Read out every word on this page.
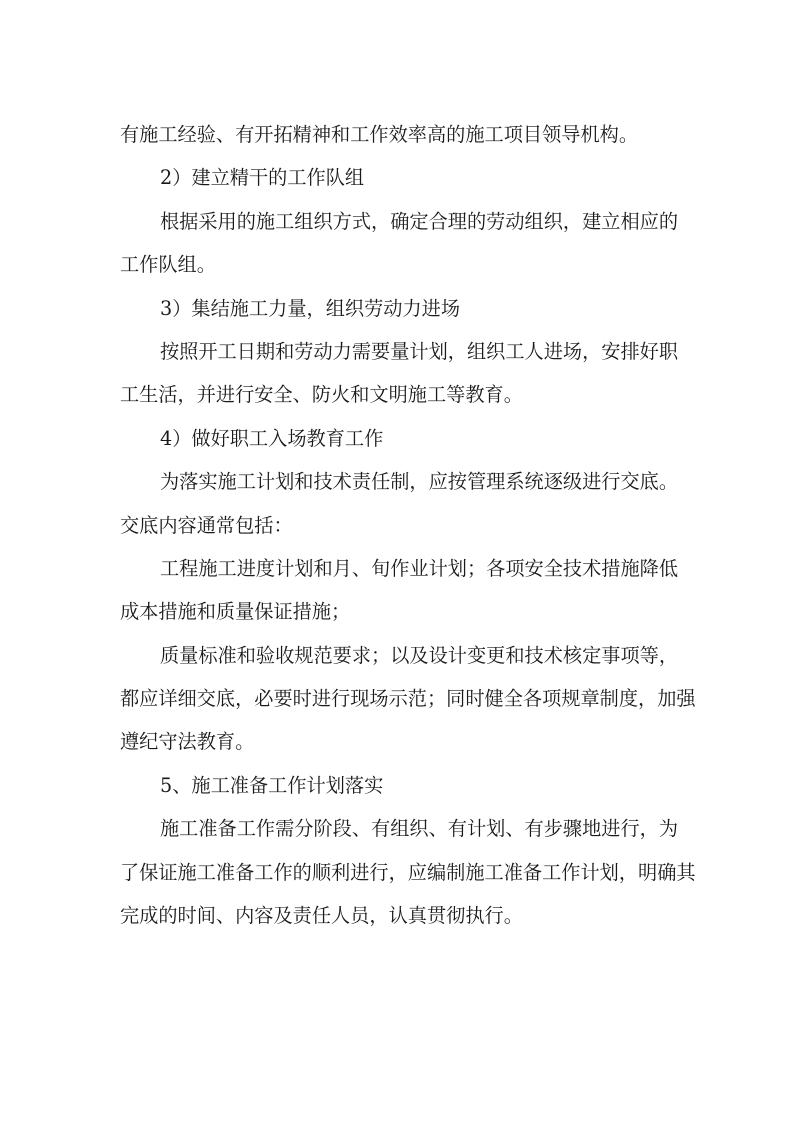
有施工经验、有开拓精神和工作效率高的施工项目领导机构。
2）建立精干的工作队组
根据采用的施工组织方式，确定合理的劳动组织，建立相应的
工作队组。
3）集结施工力量，组织劳动力进场
按照开工日期和劳动力需要量计划，组织工人进场，安排好职
工生活，并进行安全、防火和文明施工等教育。
4）做好职工入场教育工作
为落实施工计划和技术责任制，应按管理系统逐级进行交底。
交底内容通常包括：
工程施工进度计划和月、旬作业计划；各项安全技术措施降低
成本措施和质量保证措施；
质量标准和验收规范要求；以及设计变更和技术核定事项等，
都应详细交底，必要时进行现场示范；同时健全各项规章制度，加强
遵纪守法教育。
5、施工准备工作计划落实
施工准备工作需分阶段、有组织、有计划、有步骤地进行，为
了保证施工准备工作的顺利进行，应编制施工准备工作计划，明确其
完成的时间、内容及责任人员，认真贯彻执行。
